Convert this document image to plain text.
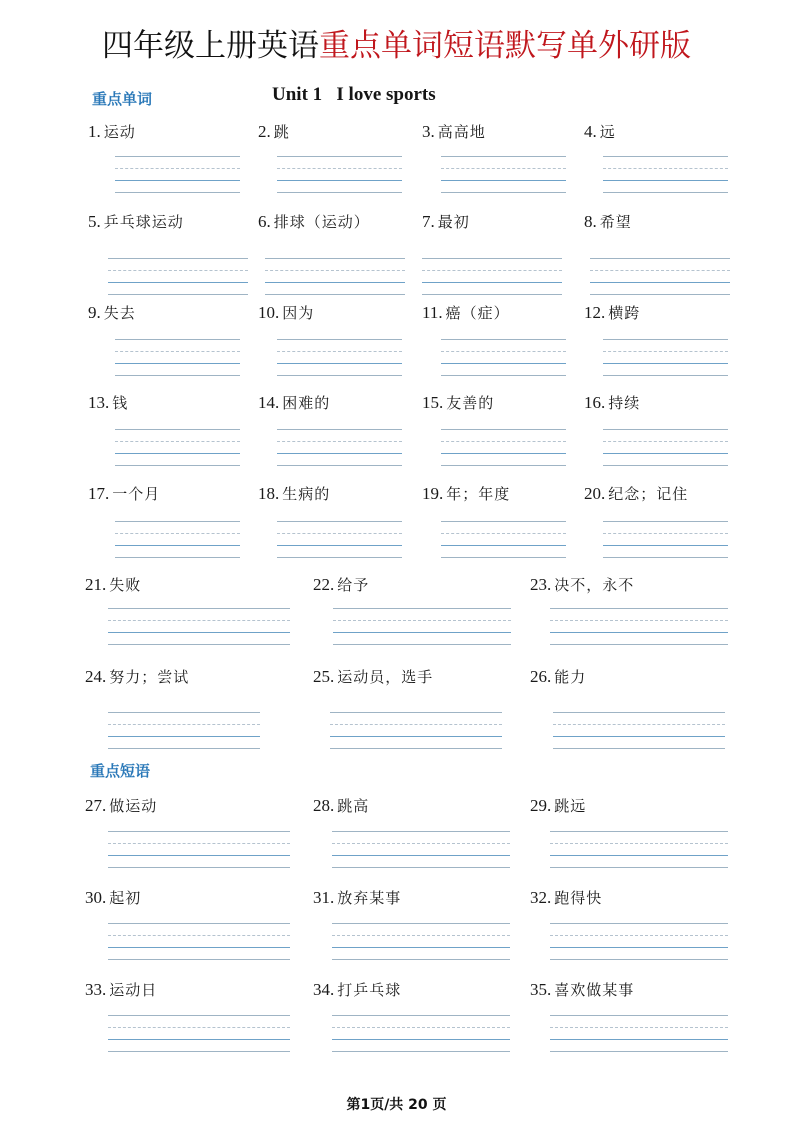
四年级上册英语重点单词短语默写单外研版
重点单词	Unit 1   I love sports
1. 运动	2. 跳	3. 高高地	4. 远
5. 乒乓球运动	6. 排球（运动）	7. 最初	8. 希望
9. 失去	10. 因为	11. 癌（症）	12. 横跨
13. 钱	14. 困难的	15. 友善的	16. 持续
17. 一个月	18. 生病的	19. 年；年度	20. 纪念；记住
21. 失败	22. 给予	23. 决不，永不
24. 努力；尝试	25. 运动员，选手	26. 能力
重点短语
27. 做运动	28. 跳高	29. 跳远
30. 起初	31. 放弃某事	32. 跑得快
33. 运动日	34. 打乒乓球	35. 喜欢做某事
第1页/共 20 页
